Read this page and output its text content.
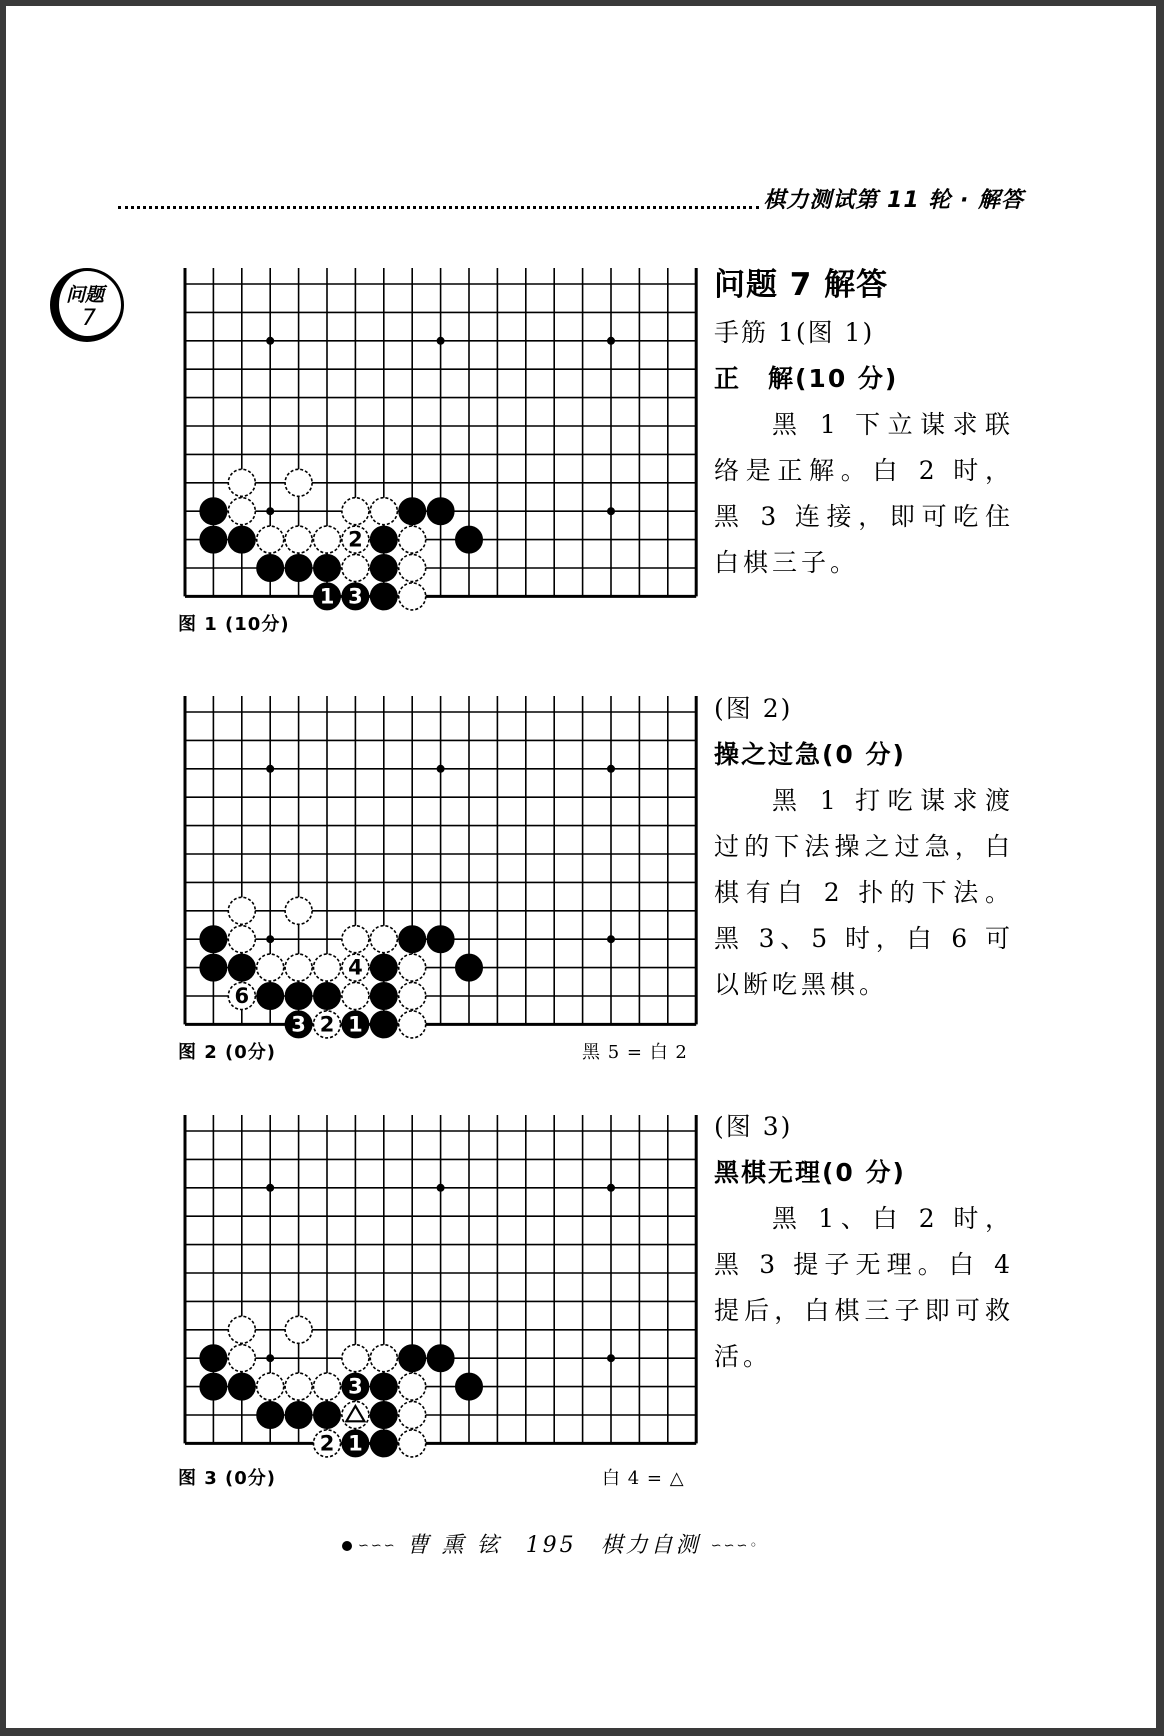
棋力测试第 11 轮 · 解答
问题
7
2
1 3
图 1 (10分)
4
6
3 2 1
图 2 (0分)	黑 5 = 白 2
3
2 1
图 3 (0分)	白 4 = △
问题 7 解答
手筋 1(图 1)
正　解(10 分)
黑 1 下立谋求联络是正解。白 2 时，黑 3 连接，即可吃住白棋三子。
(图 2)
操之过急(0 分)
黑 1 打吃谋求渡过的下法操之过急，白棋有白 2 扑的下法。黑 3、5 时，白 6 可以断吃黑棋。
(图 3)
黑棋无理(0 分)
黑 1、白 2 时，黑 3 提子无理。白 4 提后，白棋三子即可救活。
∽∽∽ 曹 熏 铉 195 棋力自测 ∽∽∽◦
